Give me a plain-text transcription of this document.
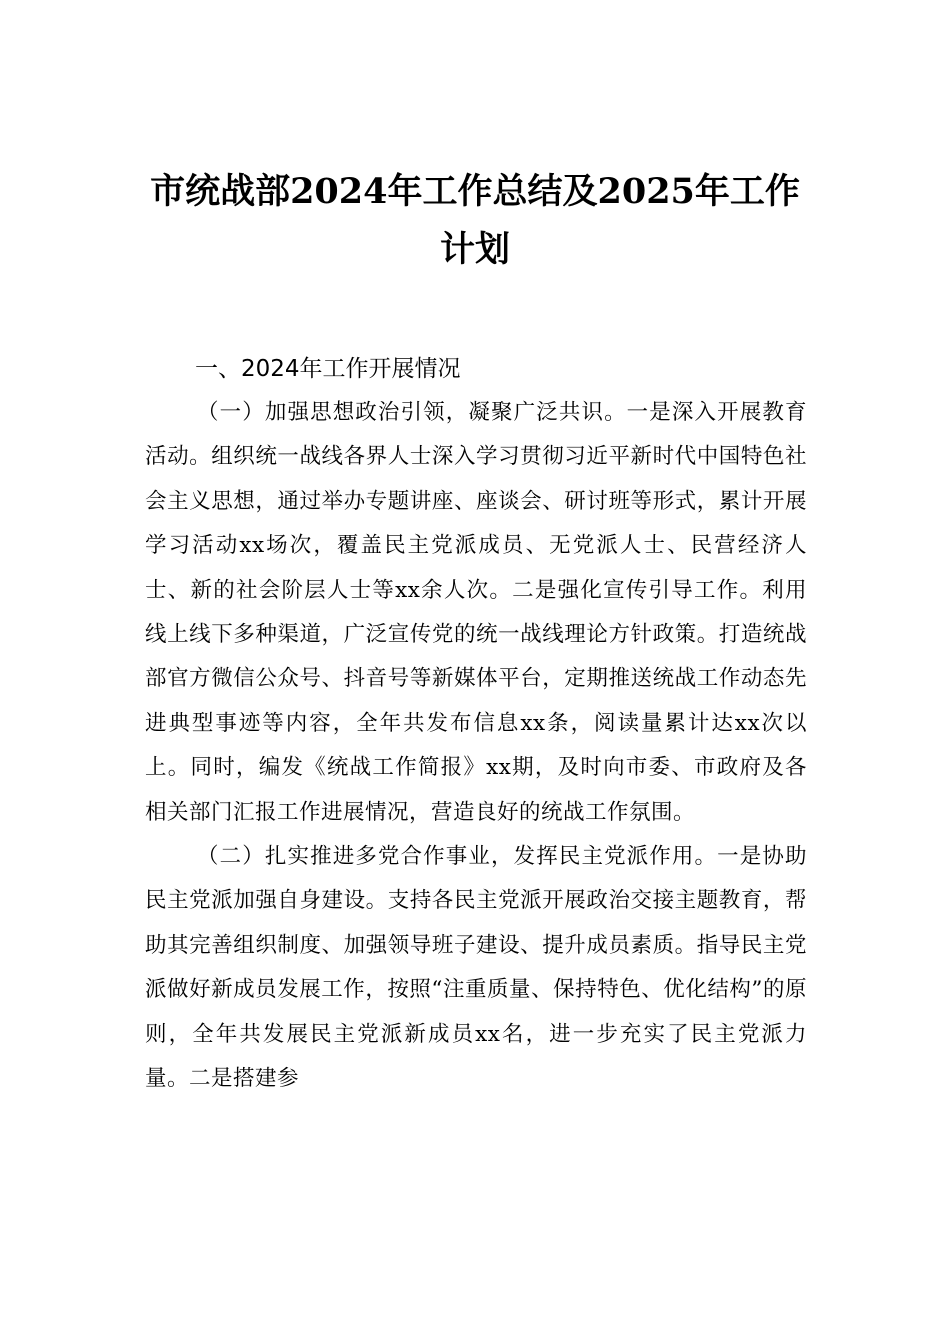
市统战部2024年工作总结及2025年工作计划
一、2024年工作开展情况

（一）加强思想政治引领，凝聚广泛共识。一是深入开展教育活动。组织统一战线各界人士深入学习贯彻习近平新时代中国特色社会主义思想，通过举办专题讲座、座谈会、研讨班等形式，累计开展学习活动xx场次，覆盖民主党派成员、无党派人士、民营经济人士、新的社会阶层人士等xx余人次。二是强化宣传引导工作。利用线上线下多种渠道，广泛宣传党的统一战线理论方针政策。打造统战部官方微信公众号、抖音号等新媒体平台，定期推送统战工作动态先进典型事迹等内容，全年共发布信息xx条，阅读量累计达xx次以上。同时，编发《统战工作简报》xx期，及时向市委、市政府及各相关部门汇报工作进展情况，营造良好的统战工作氛围。

（二）扎实推进多党合作事业，发挥民主党派作用。一是协助民主党派加强自身建设。支持各民主党派开展政治交接主题教育，帮助其完善组织制度、加强领导班子建设、提升成员素质。指导民主党派做好新成员发展工作，按照“注重质量、保持特色、优化结构”的原则，全年共发展民主党派新成员xx名，进一步充实了民主党派力量。二是搭建参
